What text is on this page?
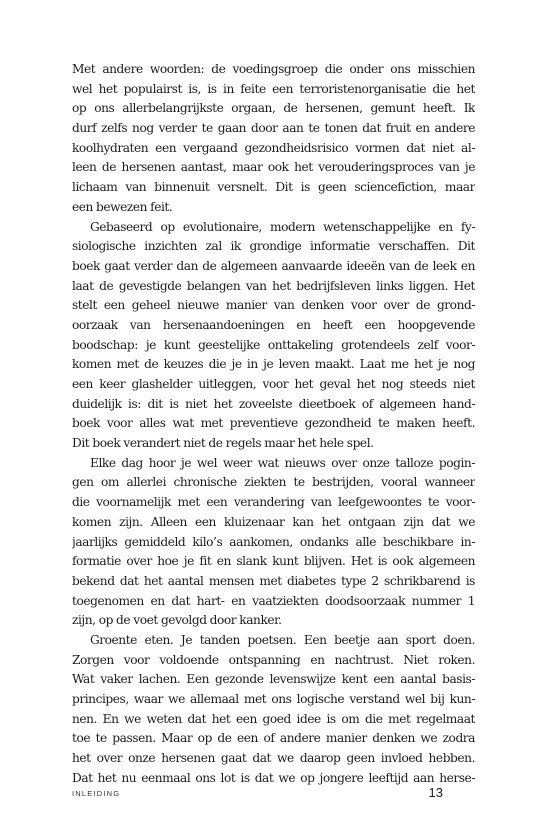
Met andere woorden: de voedingsgroep die onder ons misschien
wel het populairst is, is in feite een terroristenorganisatie die het
op ons allerbelangrijkste orgaan, de hersenen, gemunt heeft. Ik
durf zelfs nog verder te gaan door aan te tonen dat fruit en andere
koolhydraten een vergaand gezondheidsrisico vormen dat niet al-
leen de hersenen aantast, maar ook het verouderingsproces van je
lichaam van binnenuit versnelt. Dit is geen sciencefiction, maar
een bewezen feit.
Gebaseerd op evolutionaire, modern wetenschappelijke en fy-
siologische inzichten zal ik grondige informatie verschaffen. Dit
boek gaat verder dan de algemeen aanvaarde ideeën van de leek en
laat de gevestigde belangen van het bedrijfsleven links liggen. Het
stelt een geheel nieuwe manier van denken voor over de grond-
oorzaak van hersenaandoeningen en heeft een hoopgevende
boodschap: je kunt geestelijke onttakeling grotendeels zelf voor-
komen met de keuzes die je in je leven maakt. Laat me het je nog
een keer glashelder uitleggen, voor het geval het nog steeds niet
duidelijk is: dit is niet het zoveelste dieetboek of algemeen hand-
boek voor alles wat met preventieve gezondheid te maken heeft.
Dit boek verandert niet de regels maar het hele spel.
Elke dag hoor je wel weer wat nieuws over onze talloze pogin-
gen om allerlei chronische ziekten te bestrijden, vooral wanneer
die voornamelijk met een verandering van leefgewoontes te voor-
komen zijn. Alleen een kluizenaar kan het ontgaan zijn dat we
jaarlijks gemiddeld kilo’s aankomen, ondanks alle beschikbare in-
formatie over hoe je fit en slank kunt blijven. Het is ook algemeen
bekend dat het aantal mensen met diabetes type 2 schrikbarend is
toegenomen en dat hart- en vaatziekten doodsoorzaak nummer 1
zijn, op de voet gevolgd door kanker.
Groente eten. Je tanden poetsen. Een beetje aan sport doen.
Zorgen voor voldoende ontspanning en nachtrust. Niet roken.
Wat vaker lachen. Een gezonde levenswijze kent een aantal basis-
principes, waar we allemaal met ons logische verstand wel bij kun-
nen. En we weten dat het een goed idee is om die met regelmaat
toe te passen. Maar op de een of andere manier denken we zodra
het over onze hersenen gaat dat we daarop geen invloed hebben.
Dat het nu eenmaal ons lot is dat we op jongere leeftijd aan herse-
INLEIDING	13
